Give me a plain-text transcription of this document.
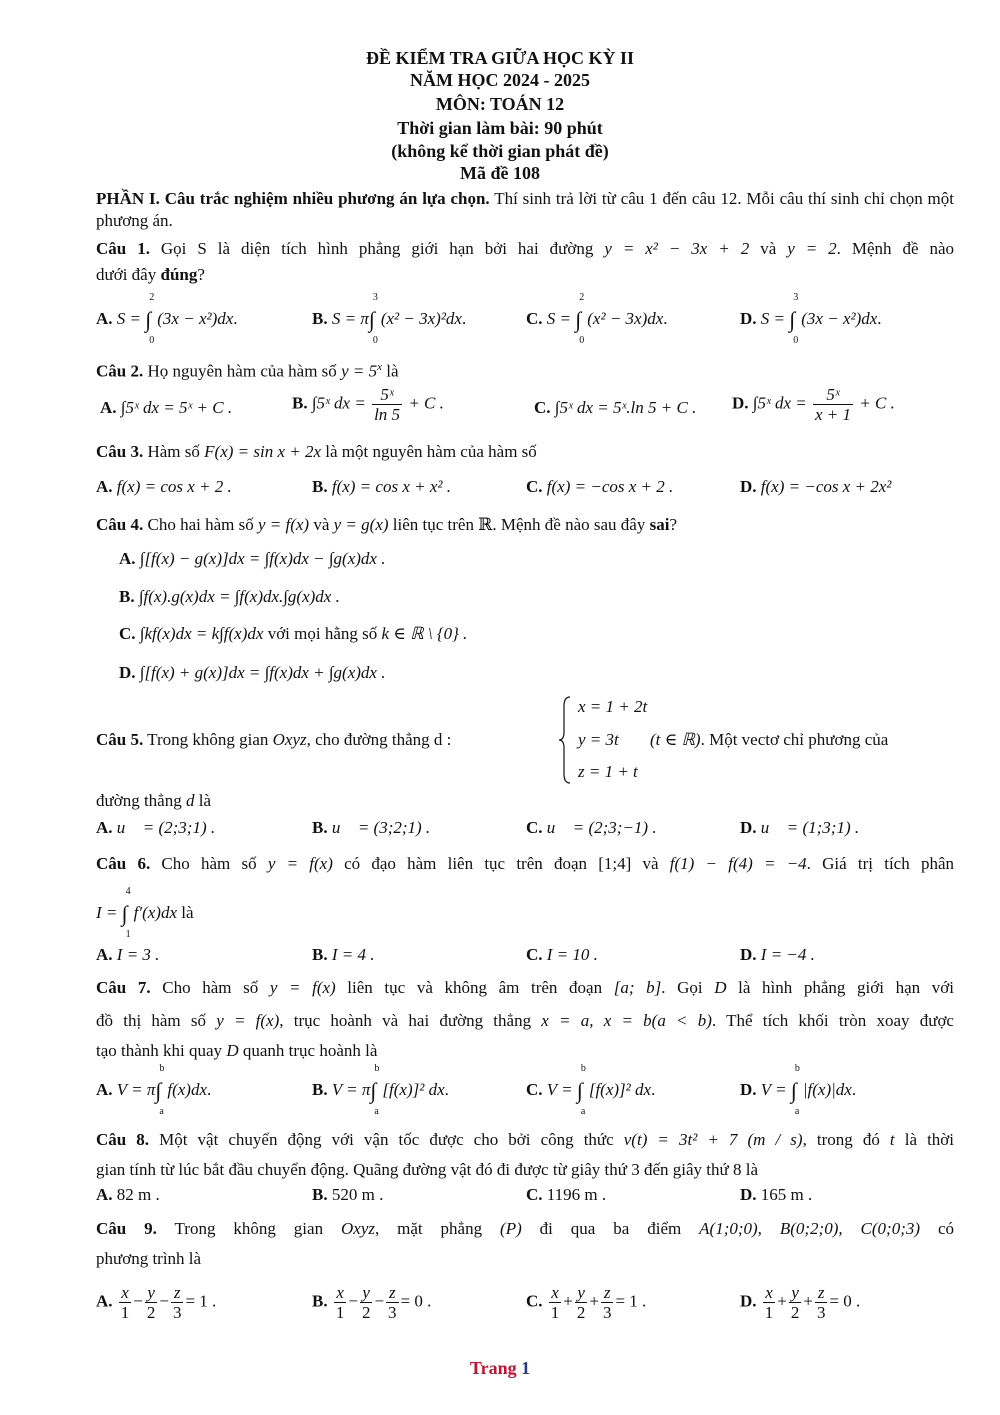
ĐỀ KIỂM TRA GIỮA HỌC KỲ II
NĂM HỌC 2024 - 2025
MÔN: TOÁN 12
Thời gian làm bài: 90 phút
(không kể thời gian phát đề)
Mã đề 108
PHẦN I. Câu trắc nghiệm nhiều phương án lựa chọn. Thí sinh trả lời từ câu 1 đến câu 12. Mỗi câu thí sinh chỉ chọn một phương án.
Câu 1. Gọi S là diện tích hình phẳng giới hạn bởi hai đường y = x² − 3x + 2 và y = 2. Mệnh đề nào
dưới đây đúng?
A. S = ∫
2
0
(3x − x²)dx.	B. S = π∫
3
0
(x² − 3x)²dx.	C. S = ∫
2
0
(x² − 3x)dx.	D. S = ∫
3
0
(3x − x²)dx.
Câu 2. Họ nguyên hàm của hàm số $y = 5^x$ là
A. ∫5ˣ dx = 5ˣ + C .	B. ∫5ˣ dx = $\frac{\text{5ˣ}}{\ln 5} + C$ .	C. ∫5ˣ dx = 5ˣ.ln 5 + C . D. ∫5ˣ dx = $\frac{\text{5ˣ}}{x + 1} + C$ .
Câu 3. Hàm số F(x) = sin x + 2x là một nguyên hàm của hàm số
A. f(x) = cos x + 2 .	B. f(x) = cos x + x² .	C. f(x) = −cos x + 2 .	D. f(x) = −cos x + 2x²
Câu 4. Cho hai hàm số y = f(x) và y = g(x) liên tục trên ℝ. Mệnh đề nào sau đây sai?
A. ∫[f(x) − g(x)]dx = ∫f(x)dx − ∫g(x)dx .
B. ∫f(x).g(x)dx = ∫f(x)dx.∫g(x)dx .
C. ∫kf(x)dx = k∫f(x)dx với mọi hằng số k ∈ ℝ \ {0} .
D. ∫[f(x) + g(x)]dx = ∫f(x)dx + ∫g(x)dx .
Câu 5. Trong không gian Oxyz, cho đường thẳng d :
x = 1 + 2t
y = 3t
z = 1 + t
(t ∈ ℝ). Một vectơ chỉ phương của
đường thẳng d là
A. u⃗ = (2;3;1) .	B. u⃗ = (3;2;1) .	C. u⃗ = (2;3;−1) .	D. u⃗ = (1;3;1) .
Câu 6. Cho hàm số y = f(x) có đạo hàm liên tục trên đoạn [1;4] và f(1) − f(4) = −4. Giá trị tích phân
I = ∫
4
1
f′(x)dx là
A. I = 3 .	B. I = 4 .	C. I = 10 .	D. I = −4 .
Câu 7. Cho hàm số y = f(x) liên tục và không âm trên đoạn [a; b]. Gọi D là hình phẳng giới hạn với
đồ thị hàm số y = f(x), trục hoành và hai đường thẳng x = a, x = b(a < b). Thể tích khối tròn xoay được
tạo thành khi quay D quanh trục hoành là
A. V = π∫
b
a
f(x)dx.	B. V = π∫
b
a
[f(x)]² dx.	C. V = ∫
b
a
[f(x)]² dx.	D. V = ∫
b
a
|f(x)|dx.
Câu 8. Một vật chuyển động với vận tốc được cho bởi công thức v(t) = 3t² + 7 (m / s), trong đó t là thời
gian tính từ lúc bắt đầu chuyển động. Quãng đường vật đó đi được từ giây thứ 3 đến giây thứ 8 là
A. 82 m .	B. 520 m .	C. 1196 m .	D. 165 m .
Câu 9. Trong không gian Oxyz, mặt phẳng (P) đi qua ba điểm A(1;0;0), B(0;2;0), C(0;0;3) có
phương trình là
A. $\frac{x}{1} - \frac{y}{2} - \frac{z}{3} = 1$ .	B. $\frac{x}{1} - \frac{y}{2} - \frac{z}{3} = 0$ .	C. $\frac{x}{1} + \frac{y}{2} + \frac{z}{3} = 1$ .	D. $\frac{x}{1} + \frac{y}{2} + \frac{z}{3} = 0$ .
Trang 1
